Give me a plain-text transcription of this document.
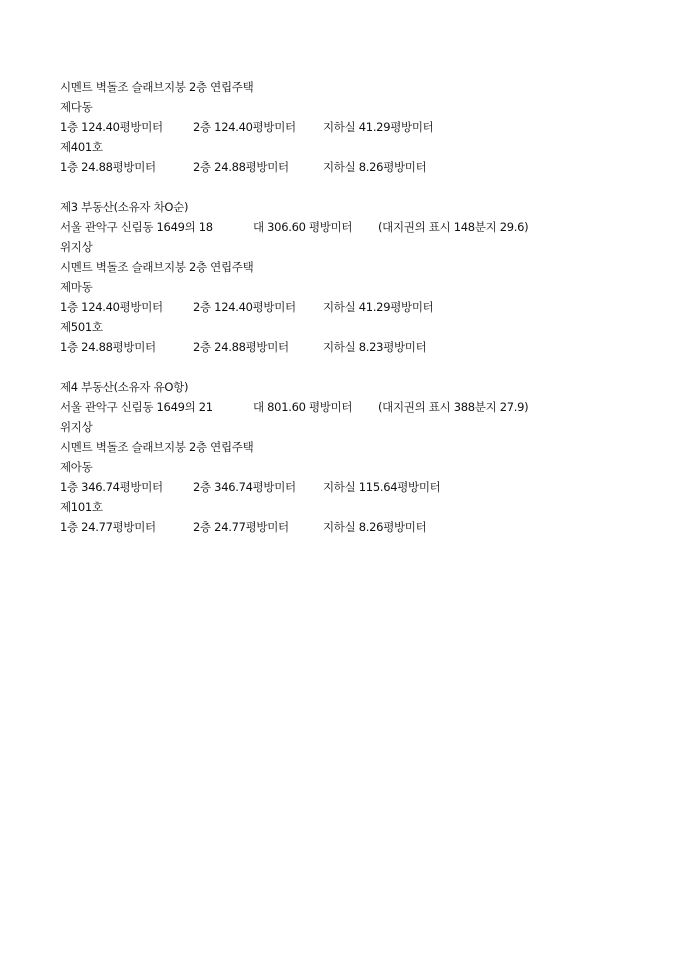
시멘트 벽돌조 슬래브지붕 2층 연립주택
제다동
1층 124.40평방미터	2층 124.40평방미터 지하실 41.29평방미터
제401호
1층 24.88평방미터	2층 24.88평방미터	지하실 8.26평방미터
제3 부동산(소유자 차O순)
서울 관악구 신림동 1649의 18	대 306.60 평방미터 (대지권의 표시 148분지 29.6)
위지상
시멘트 벽돌조 슬래브지붕 2층 연립주택
제마동
1층 124.40평방미터	2층 124.40평방미터 지하실 41.29평방미터
제501호
1층 24.88평방미터	2층 24.88평방미터	지하실 8.23평방미터
제4 부동산(소유자 유O항)
서울 관악구 신림동 1649의 21	대 801.60 평방미터 (대지권의 표시 388분지 27.9)
위지상
시멘트 벽돌조 슬래브지붕 2층 연립주택
제아동
1층 346.74평방미터	2층 346.74평방미터 지하실 115.64평방미터
제101호
1층 24.77평방미터	2층 24.77평방미터	지하실 8.26평방미터
